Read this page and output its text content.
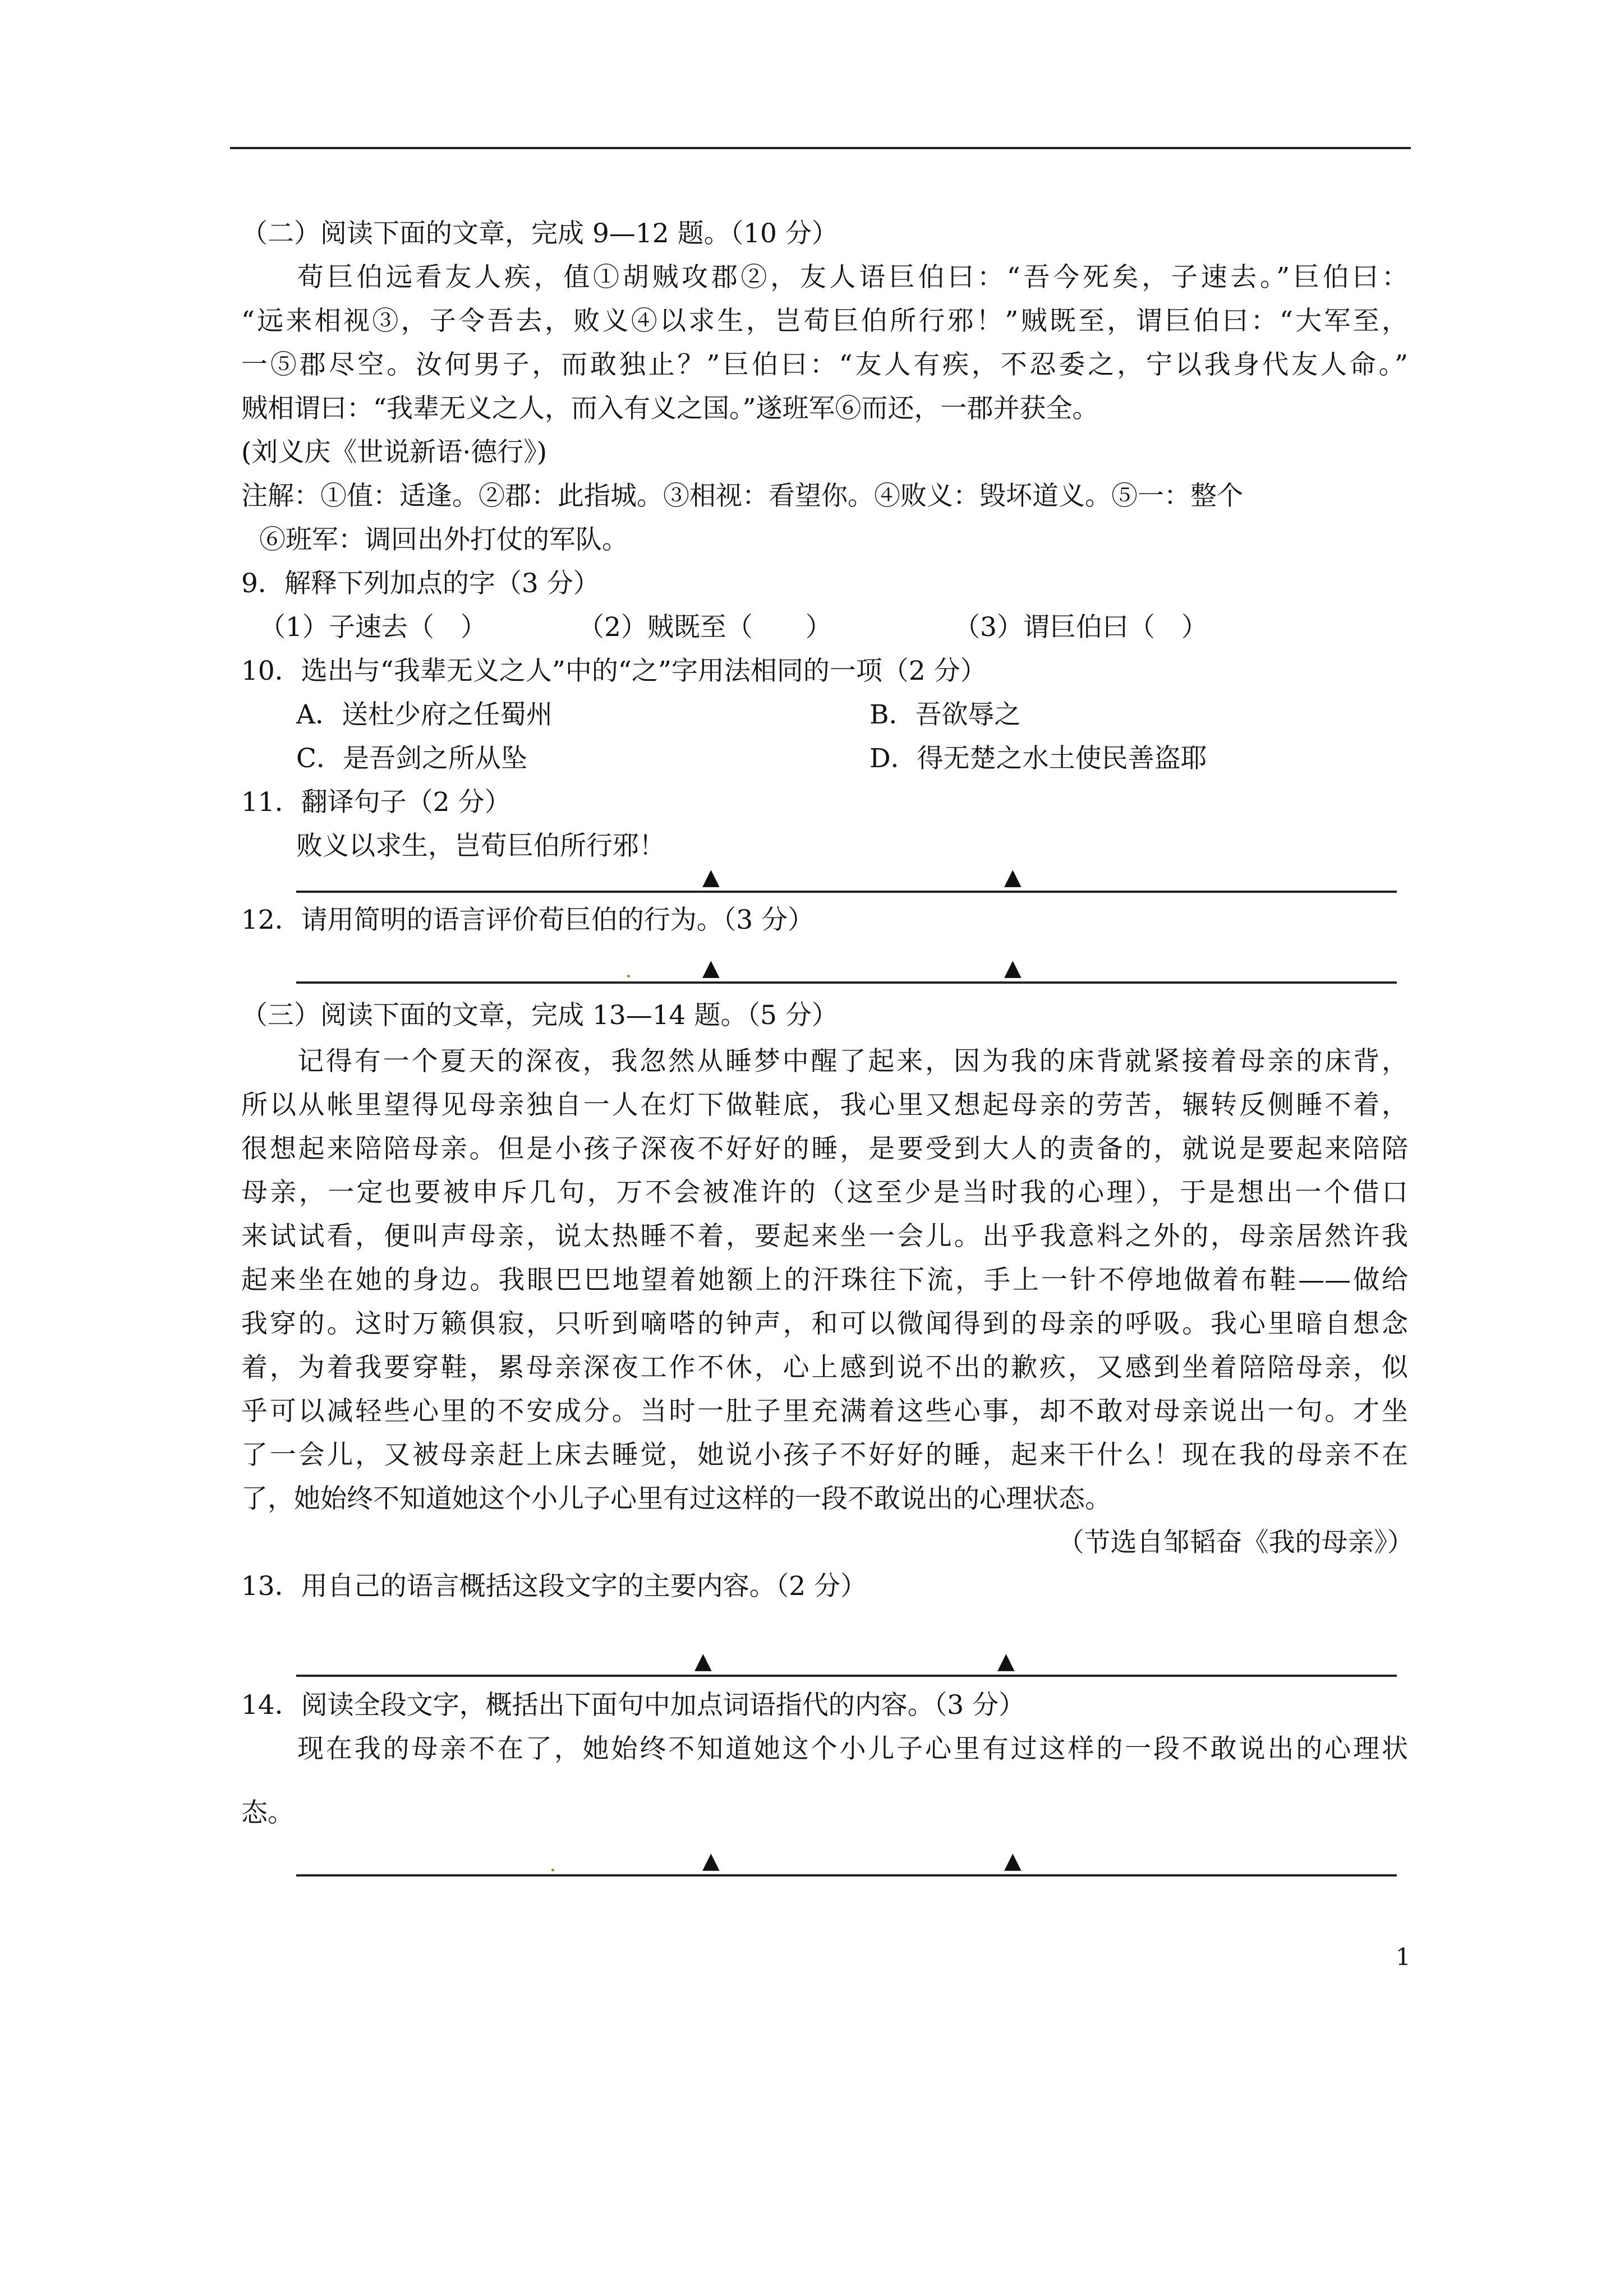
（二）阅读下面的文章，完成 9—12 题。（10 分）
荀巨伯远看友人疾，值①胡贼攻郡②，友人语巨伯曰：“吾今死矣，子速去。”巨伯曰：
“远来相视③，子令吾去，败义④以求生，岂荀巨伯所行邪！”贼既至，谓巨伯曰：“大军至，
一⑤郡尽空。汝何男子，而敢独止？”巨伯曰：“友人有疾，不忍委之，宁以我身代友人命。”
贼相谓曰：“我辈无义之人，而入有义之国。”遂班军⑥而还，一郡并获全。
(刘义庆《世说新语·德行》)
注解：①值：适逢。②郡：此指城。③相视：看望你。④败义：毁坏道义。⑤一：整个
⑥班军：调回出外打仗的军队。
9．解释下列加点的字（3 分）
（1）子速去（　）	（2）贼既至（　　）	（3）谓巨伯曰（　）
10．选出与“我辈无义之人”中的“之”字用法相同的一项（2 分）
A．送杜少府之任蜀州	B．吾欲辱之
C．是吾剑之所从坠	D．得无楚之水土使民善盗耶
11．翻译句子（2 分）
败义以求生，岂荀巨伯所行邪！
▲	▲
12．请用简明的语言评价荀巨伯的行为。（3 分）
▲	▲
（三）阅读下面的文章，完成 13—14 题。（5 分）
记得有一个夏天的深夜，我忽然从睡梦中醒了起来，因为我的床背就紧接着母亲的床背，
所以从帐里望得见母亲独自一人在灯下做鞋底，我心里又想起母亲的劳苦，辗转反侧睡不着，
很想起来陪陪母亲。但是小孩子深夜不好好的睡，是要受到大人的责备的，就说是要起来陪陪
母亲，一定也要被申斥几句，万不会被准许的（这至少是当时我的心理），于是想出一个借口
来试试看，便叫声母亲，说太热睡不着，要起来坐一会儿。出乎我意料之外的，母亲居然许我
起来坐在她的身边。我眼巴巴地望着她额上的汗珠往下流，手上一针不停地做着布鞋——做给
我穿的。这时万籁俱寂，只听到嘀嗒的钟声，和可以微闻得到的母亲的呼吸。我心里暗自想念
着，为着我要穿鞋，累母亲深夜工作不休，心上感到说不出的歉疚，又感到坐着陪陪母亲，似
乎可以减轻些心里的不安成分。当时一肚子里充满着这些心事，却不敢对母亲说出一句。才坐
了一会儿，又被母亲赶上床去睡觉，她说小孩子不好好的睡，起来干什么！现在我的母亲不在
了，她始终不知道她这个小儿子心里有过这样的一段不敢说出的心理状态。
（节选自邹韬奋《我的母亲》）
13．用自己的语言概括这段文字的主要内容。（2 分）
▲	▲
14．阅读全段文字，概括出下面句中加点词语指代的内容。（3 分）
现在我的母亲不在了，她始终不知道她这个小儿子心里有过这样的一段不敢说出的心理状
态。
▲	▲
1
